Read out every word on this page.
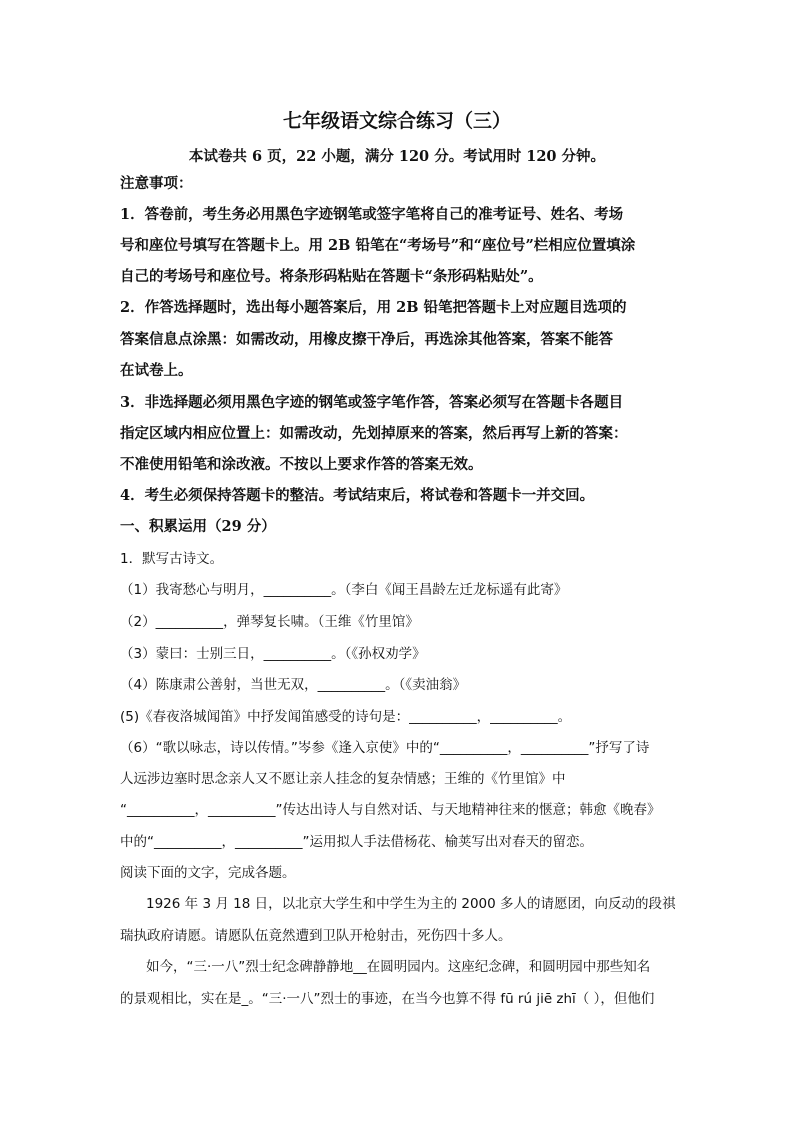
七年级语文综合练习（三）
本试卷共 6 页，22 小题，满分 120 分。考试用时 120 分钟。
注意事项：
1．答卷前，考生务必用黑色字迹钢笔或签字笔将自己的准考证号、姓名、考场
号和座位号填写在答题卡上。用 2B 铅笔在“考场号”和“座位号”栏相应位置填涂
自己的考场号和座位号。将条形码粘贴在答题卡“条形码粘贴处”。
2．作答选择题时，选出每小题答案后，用 2B 铅笔把答题卡上对应题目选项的
答案信息点涂黑：如需改动，用橡皮擦干净后，再选涂其他答案，答案不能答
在试卷上。
3．非选择题必须用黑色字迹的钢笔或签字笔作答，答案必须写在答题卡各题目
指定区域内相应位置上：如需改动，先划掉原来的答案，然后再写上新的答案：
不准使用铅笔和涂改液。不按以上要求作答的答案无效。
4．考生必须保持答题卡的整洁。考试结束后，将试卷和答题卡一并交回。
一、积累运用（29 分）
1．默写古诗文。
（1）我寄愁心与明月，__________。（李白《闻王昌龄左迁龙标遥有此寄》
（2）__________，弹琴复长啸。（王维《竹里馆》
（3）蒙曰：士别三日，__________。（《孙权劝学》
（4）陈康肃公善射，当世无双，__________。（《卖油翁》
(5)《春夜洛城闻笛》中抒发闻笛感受的诗句是：__________，__________。
（6）“歌以咏志，诗以传情。”岑参《逢入京使》中的“__________，__________”抒写了诗
人远涉边塞时思念亲人又不愿让亲人挂念的复杂情感；王维的《竹里馆》中
“__________，__________”传达出诗人与自然对话、与天地精神往来的惬意；韩愈《晚春》
中的“__________，__________”运用拟人手法借杨花、榆荚写出对春天的留恋。
阅读下面的文字，完成各题。
1926 年 3 月 18 日，以北京大学生和中学生为主的 2000 多人的请愿团，向反动的段祺
瑞执政府请愿。请愿队伍竟然遭到卫队开枪射击，死伤四十多人。
如今，“三·一八”烈士纪念碑静静地__在圆明园内。这座纪念碑，和圆明园中那些知名
的景观相比，实在是_。“三·一八”烈士的事迹，在当今也算不得 fū rú jiē zhī（ ），但他们
